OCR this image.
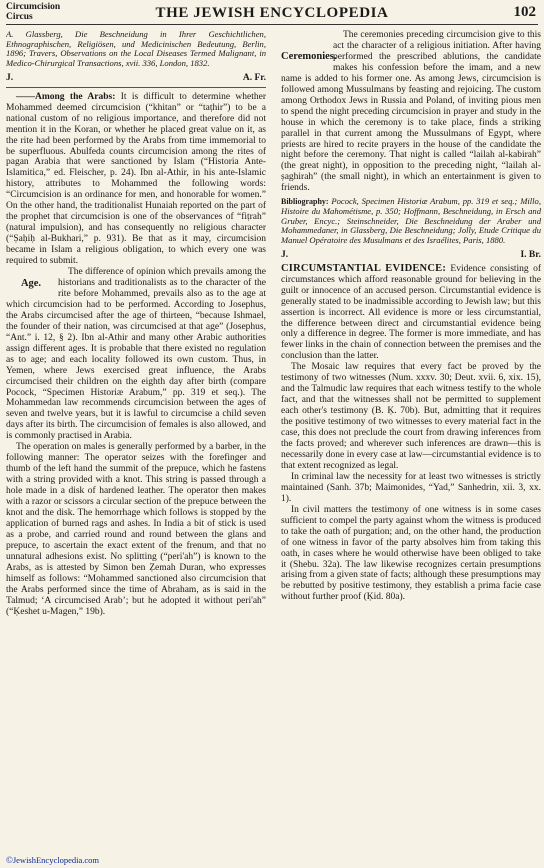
Circumcision
Circus	THE JEWISH ENCYCLOPEDIA	102

A. Glassberg, Die Beschneidung in Ihrer Geschichtlichen, Ethnographischen, Religiösen, und Medicinischen Bedeutung, Berlin, 1896; Travers, Observations on the Local Diseases Termed Malignant, in Medico-Chirurgical Transactions, xvii. 336, London, 1832.

J.	A. Fr.

——Among the Arabs: It is difficult to determine whether Mohammed deemed circumcision (“khitan” or “taṭhir”) to be a national custom of no religious importance, and therefore did not mention it in the Koran, or whether he placed great value on it, as the rite had been performed by the Arabs from time immemorial to be superfluous. Abulfeda counts circumcision among the rites of pagan Arabia that were sanctioned by Islam (“Historia Ante-Islamitica,” ed. Fleischer, p. 24). Ibn al-Athir, in his ante-Islamic history, attributes to Mohammed the following words: “Circumcision is an ordinance for men, and honorable for women.” On the other hand, the traditionalist Hunaiah reported on the part of the prophet that circumcision is one of the observances of “fiṭrah” (natural impulsion), and has consequently no religious character (“Ṣaḥiḥ al-Bukhari,” p. 931). Be that as it may, circumcision became in Islam a religious obligation, to which every one was required to submit.

Age.

The difference of opinion which prevails among the historians and traditionalists as to the character of the rite before Mohammed, prevails also as to the age at which circumcision had to be performed. According to Josephus, the Arabs circumcised after the age of thirteen, “because Ishmael, the founder of their nation, was circumcised at that age” (Josephus, “Ant.” i. 12, § 2). Ibn al-Athir and many other Arabic authorities assign different ages. It is probable that there existed no regulation as to age; and each locality followed its own custom. Thus, in Yemen, where Jews exercised great influence, the Arabs circumcised their children on the eighth day after birth (compare Pocock, “Specimen Historiæ Arabum,” pp. 319 et seq.). The Mohammedan law recommends circumcision between the ages of seven and twelve years, but it is lawful to circumcise a child seven days after its birth. The circumcision of females is also allowed, and is commonly practised in Arabia.

The operation on males is generally performed by a barber, in the following manner: The operator seizes with the forefinger and thumb of the left hand the summit of the prepuce, which he fastens with a string provided with a knot. This string is passed through a hole made in a disk of hardened leather. The operator then makes with a razor or scissors a circular section of the prepuce between the knot and the disk. The hemorrhage which follows is stopped by the application of burned rags and ashes. In India a bit of stick is used as a probe, and carried round and round between the glans and prepuce, to ascertain the exact extent of the frenum, and that no unnatural adhesions exist. No splitting (“peri'ah”) is known to the Arabs, as is attested by Simon ben Ẓemah Duran, who expresses himself as follows: “Mohammed sanctioned also circumcision that the Arabs performed since the time of Abraham, as is said in the Talmud; ‘A circumcised Arab’; but he adopted it without peri'ah” (“Ḳeshet u-Magen,” 19b).

Ceremonies.

The ceremonies preceding circumcision give to this act the character of a religious initiation. After having performed the prescribed ablutions, the candidate makes his confession before the imam, and a new name is added to his former one. As among Jews, circumcision is followed among Mussulmans by feasting and rejoicing. The custom among Orthodox Jews in Russia and Poland, of inviting pious men to spend the night preceding circumcision in prayer and study in the house in which the ceremony is to take place, finds a striking parallel in that current among the Mussulmans of Egypt, where priests are hired to recite prayers in the house of the candidate the night before the ceremony. That night is called “lailah al-kabirah” (the great night), in opposition to the preceding night, “lailah al-ṣaghirah” (the small night), in which an entertainment is given to friends.

Bibliography: Pocock, Specimen Historiæ Arabum, pp. 319 et seq.; Millo, Histoire du Mahométisme, p. 350; Hoffmann, Beschneidung, in Ersch and Gruber, Encyc.; Steinschneider, Die Beschneidung der Araber und Mohammedaner, in Glassberg, Die Beschneidung; Jolly, Etude Critique du Manuel Opératoire des Musulmans et des Israélites, Paris, 1880.

J.	I. Br.

CIRCUMSTANTIAL EVIDENCE: Evidence consisting of circumstances which afford reasonable ground for believing in the guilt or innocence of an accused person. Circumstantial evidence is generally stated to be inadmissible according to Jewish law; but this assertion is incorrect. All evidence is more or less circumstantial, the difference between direct and circumstantial evidence being only a difference in degree. The former is more immediate, and has fewer links in the chain of connection between the premises and the conclusion than the latter.

The Mosaic law requires that every fact be proved by the testimony of two witnesses (Num. xxxv. 30; Deut. xvii. 6, xix. 15), and the Talmudic law requires that each witness testify to the whole fact, and that the witnesses shall not be permitted to supplement each other's testimony (B. Ḳ. 70b). But, admitting that it requires the positive testimony of two witnesses to every material fact in the case, this does not preclude the court from drawing inferences from the facts proved; and wherever such inferences are drawn—this is necessarily done in every case at law—circumstantial evidence is to that extent recognized as legal.

In criminal law the necessity for at least two witnesses is strictly maintained (Sanh. 37b; Maimonides, “Yad,” Sanhedrin, xii. 3, xx. 1).

In civil matters the testimony of one witness is in some cases sufficient to compel the party against whom the witness is produced to take the oath of purgation; and, on the other hand, the production of one witness in favor of the party absolves him from taking this oath, in cases where he would otherwise have been obliged to take it (Shebu. 32a). The law likewise recognizes certain presumptions arising from a given state of facts; although these presumptions may be rebutted by positive testimony, they establish a prima facie case without further proof (Ḳid. 80a).

©JewishEncyclopedia.com
